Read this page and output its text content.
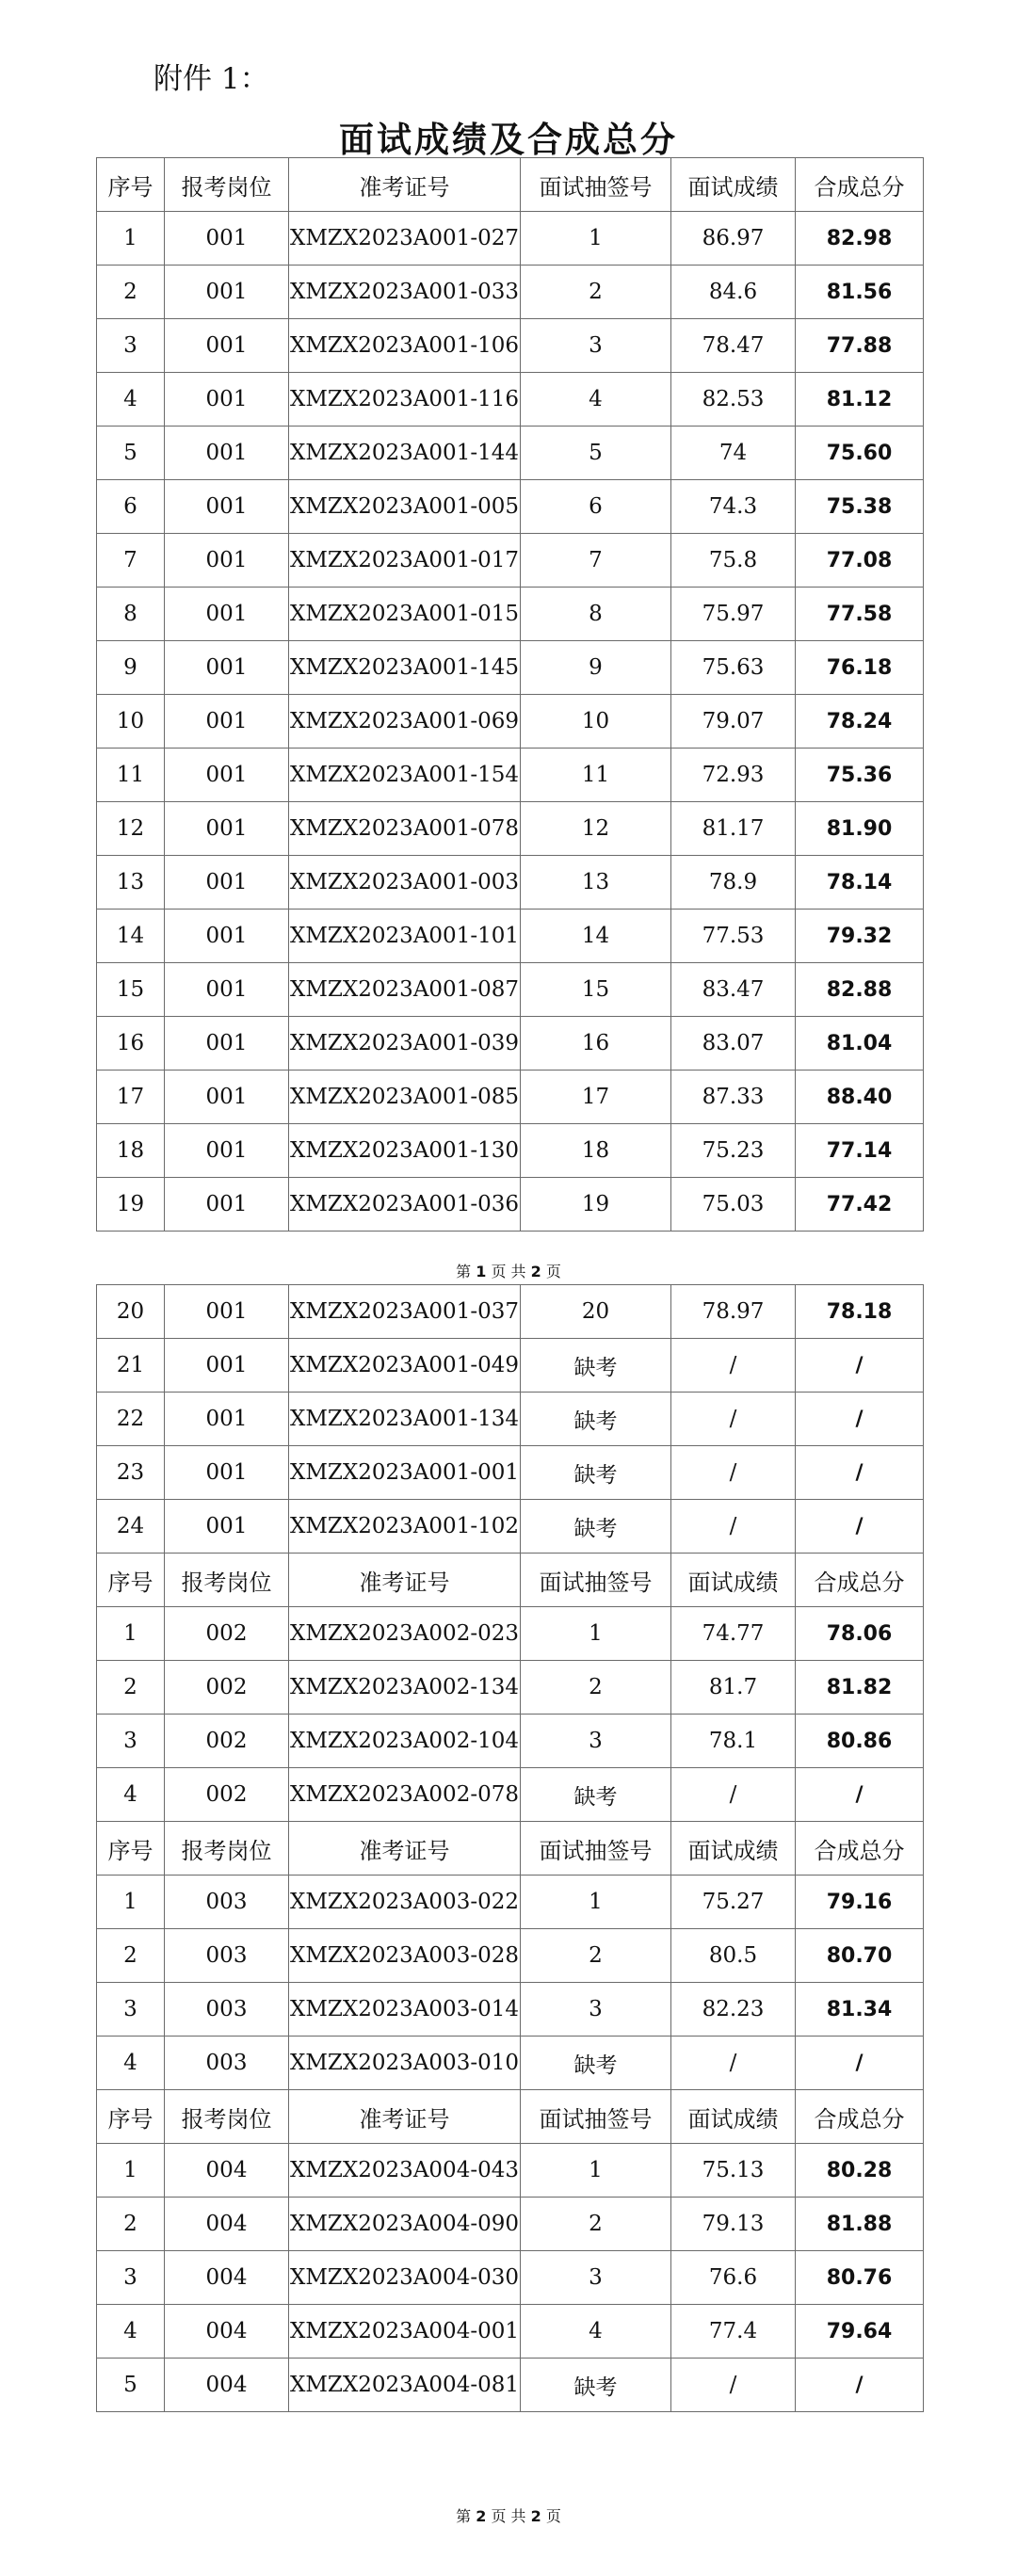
附件 1：
面试成绩及合成总分
序号	报考岗位	准考证号	面试抽签号	面试成绩	合成总分
1	001	XMZX2023A001-027	1	86.97	82.98
2	001	XMZX2023A001-033	2	84.6	81.56
3	001	XMZX2023A001-106	3	78.47	77.88
4	001	XMZX2023A001-116	4	82.53	81.12
5	001	XMZX2023A001-144	5	74	75.60
6	001	XMZX2023A001-005	6	74.3	75.38
7	001	XMZX2023A001-017	7	75.8	77.08
8	001	XMZX2023A001-015	8	75.97	77.58
9	001	XMZX2023A001-145	9	75.63	76.18
10	001	XMZX2023A001-069	10	79.07	78.24
11	001	XMZX2023A001-154	11	72.93	75.36
12	001	XMZX2023A001-078	12	81.17	81.90
13	001	XMZX2023A001-003	13	78.9	78.14
14	001	XMZX2023A001-101	14	77.53	79.32
15	001	XMZX2023A001-087	15	83.47	82.88
16	001	XMZX2023A001-039	16	83.07	81.04
17	001	XMZX2023A001-085	17	87.33	88.40
18	001	XMZX2023A001-130	18	75.23	77.14
19	001	XMZX2023A001-036	19	75.03	77.42
第 1 页 共 2 页
20	001	XMZX2023A001-037	20	78.97	78.18
21	001	XMZX2023A001-049	缺考	/	/
22	001	XMZX2023A001-134	缺考	/	/
23	001	XMZX2023A001-001	缺考	/	/
24	001	XMZX2023A001-102	缺考	/	/
序号	报考岗位	准考证号	面试抽签号	面试成绩	合成总分
1	002	XMZX2023A002-023	1	74.77	78.06
2	002	XMZX2023A002-134	2	81.7	81.82
3	002	XMZX2023A002-104	3	78.1	80.86
4	002	XMZX2023A002-078	缺考	/	/
序号	报考岗位	准考证号	面试抽签号	面试成绩	合成总分
1	003	XMZX2023A003-022	1	75.27	79.16
2	003	XMZX2023A003-028	2	80.5	80.70
3	003	XMZX2023A003-014	3	82.23	81.34
4	003	XMZX2023A003-010	缺考	/	/
序号	报考岗位	准考证号	面试抽签号	面试成绩	合成总分
1	004	XMZX2023A004-043	1	75.13	80.28
2	004	XMZX2023A004-090	2	79.13	81.88
3	004	XMZX2023A004-030	3	76.6	80.76
4	004	XMZX2023A004-001	4	77.4	79.64
5	004	XMZX2023A004-081	缺考	/	/
第 2 页 共 2 页
